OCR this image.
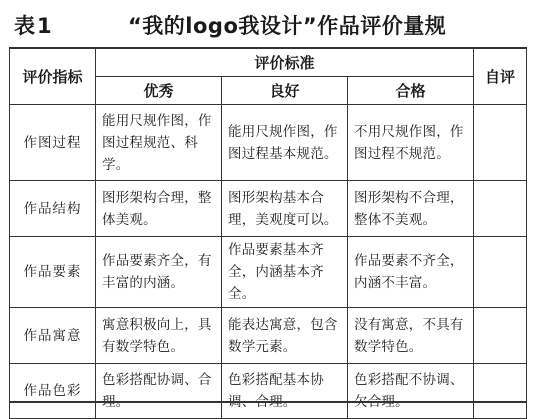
表1	“我的logo我设计”作品评价量规
评价指标	评价标准			自评
	优秀	良好	合格	
作图过程	能用尺规作图，作图过程规范、科学。	能用尺规作图，作图过程基本规范。	不用尺规作图，作图过程不规范。	
作品结构	图形架构合理，整体美观。	图形架构基本合理，美观度可以。	图形架构不合理，整体不美观。	
作品要素	作品要素齐全，有丰富的内涵。	作品要素基本齐全，内涵基本齐全。	作品要素不齐全，内涵不丰富。	
作品寓意	寓意积极向上，具有数学特色。	能表达寓意，包含数学元素。	没有寓意，不具有数学特色。	
作品色彩	色彩搭配协调、合理。	色彩搭配基本协调、合理。	色彩搭配不协调、欠合理。	
